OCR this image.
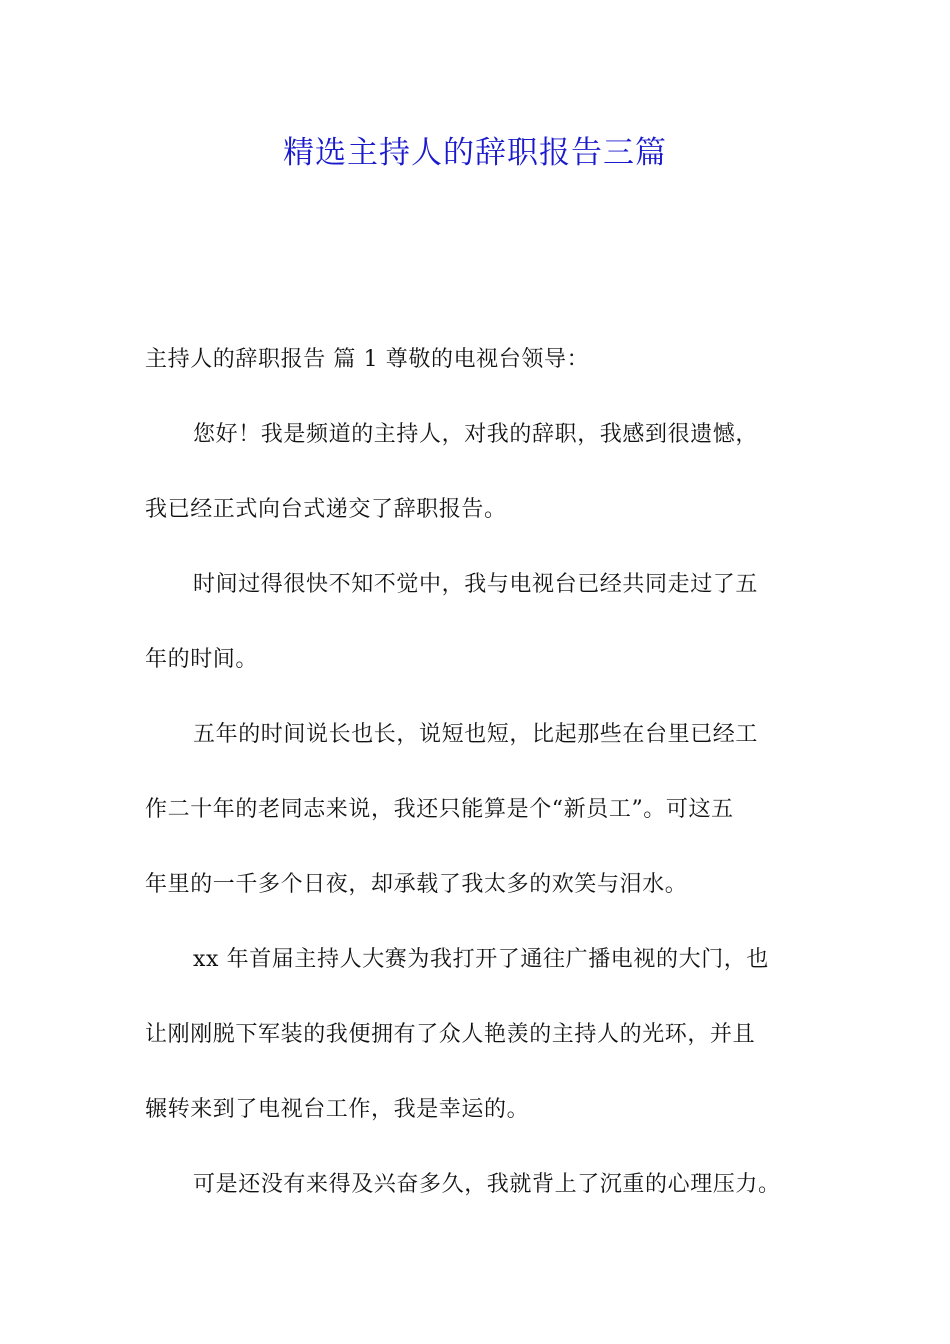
精选主持人的辞职报告三篇
主持人的辞职报告 篇 1 尊敬的电视台领导：
您好！我是频道的主持人，对我的辞职，我感到很遗憾，
我已经正式向台式递交了辞职报告。
时间过得很快不知不觉中，我与电视台已经共同走过了五
年的时间。
五年的时间说长也长，说短也短，比起那些在台里已经工
作二十年的老同志来说，我还只能算是个“新员工”。可这五
年里的一千多个日夜，却承载了我太多的欢笑与泪水。
xx 年首届主持人大赛为我打开了通往广播电视的大门，也
让刚刚脱下军装的我便拥有了众人艳羡的主持人的光环，并且
辗转来到了电视台工作，我是幸运的。
可是还没有来得及兴奋多久，我就背上了沉重的心理压力。
